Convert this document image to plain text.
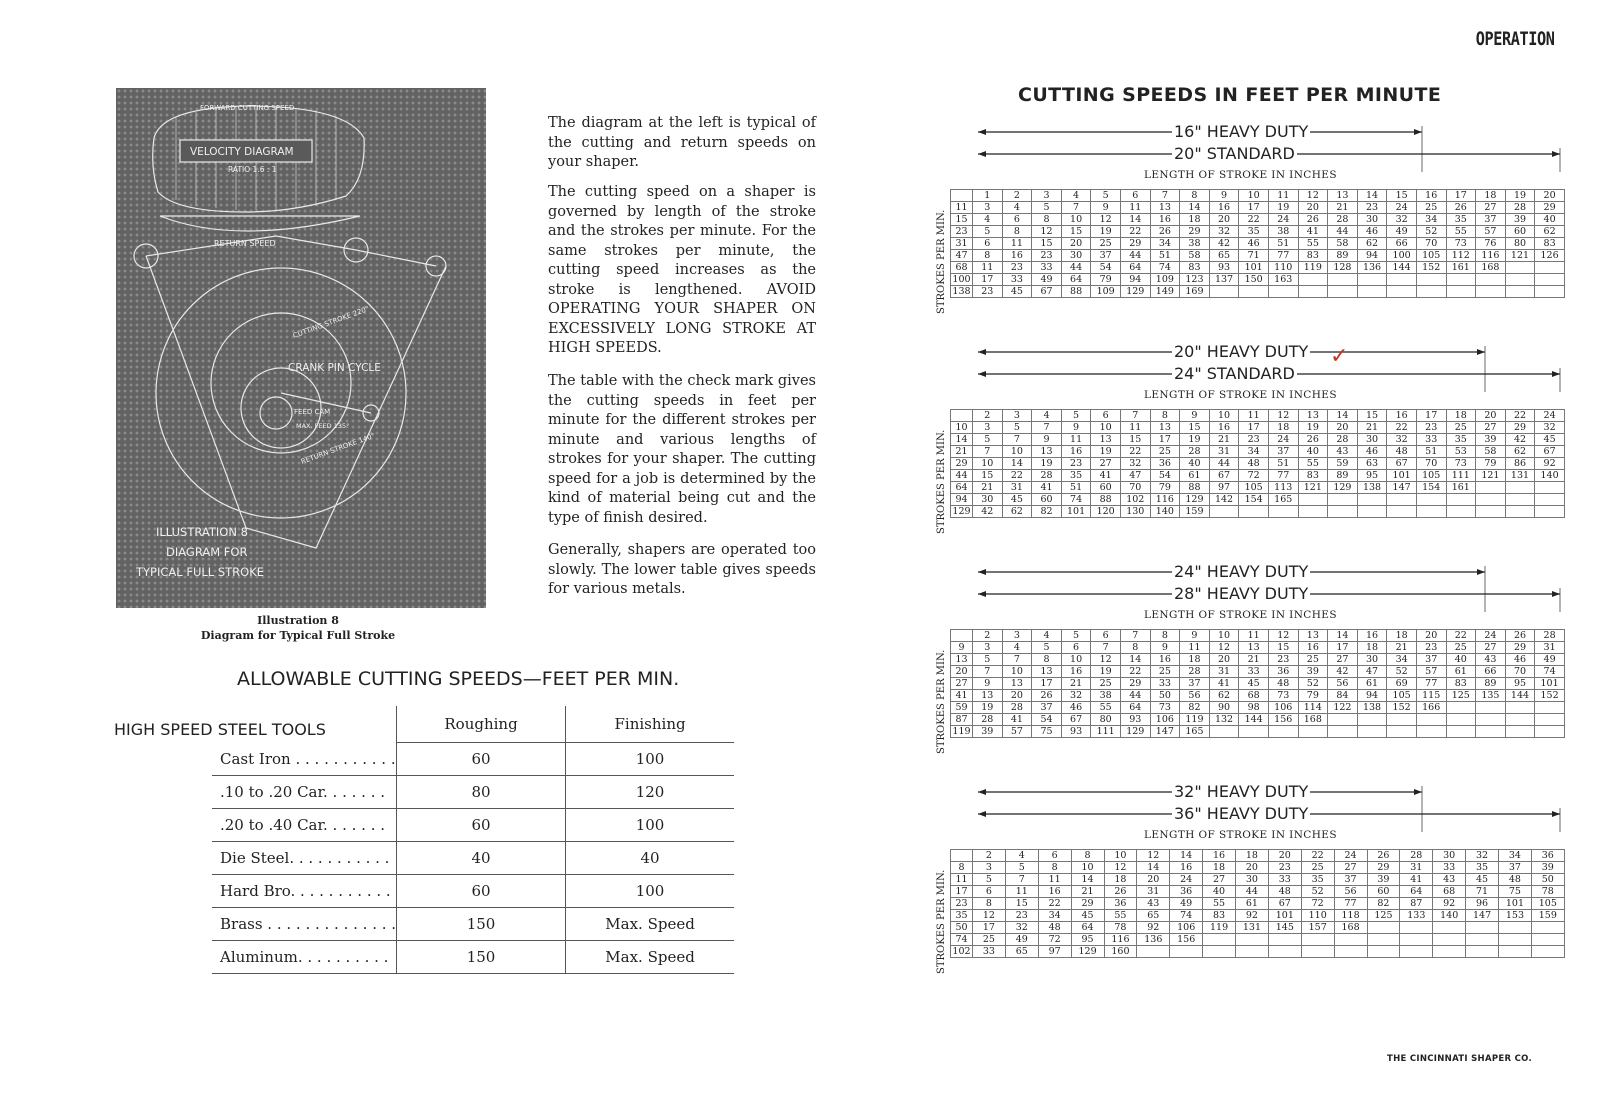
OPERATION
CUTTING SPEEDS IN FEET PER MINUTE
FORWARD CUTTING SPEED
VELOCITY DIAGRAM
RATIO 1.6 : 1
RETURN SPEED
CUTTING STROKE 220°
CRANK PIN CYCLE
FEED CAM
MAX. FEED 135°
RETURN STROKE 140°
ILLUSTRATION 8
DIAGRAM FOR
TYPICAL FULL STROKE
Illustration 8
Diagram for Typical Full Stroke
The diagram at the left is typical of the cutting and return speeds on your shaper.
The cutting speed on a shaper is governed by length of the stroke and the strokes per minute. For the same strokes per minute, the cutting speed increases as the stroke is lengthened. AVOID OPERATING YOUR SHAPER ON EXCESSIVELY LONG STROKE AT HIGH SPEEDS.
The table with the check mark gives the cutting speeds in feet per minute for the different strokes per minute and various lengths of strokes for your shaper. The cutting speed for a job is determined by the kind of material being cut and the type of finish desired.
Generally, shapers are operated too slowly. The lower table gives speeds for various metals.
ALLOWABLE CUTTING SPEEDS—FEET PER MIN.
HIGH SPEED STEEL TOOLS
		Roughing	Finishing
Cast Iron . . . . . . . . . . .	60	100
.10 to .20 Car. . . . . . .	80	120
.20 to .40 Car. . . . . . .	60	100
Die Steel. . . . . . . . . . .	40	40
Hard Bro. . . . . . . . . . .	60	100
Brass . . . . . . . . . . . . . .	150	Max. Speed
Aluminum. . . . . . . . . .	150	Max. Speed
16" HEAVY DUTY
20" STANDARD
LENGTH OF STROKE IN INCHES
STROKES PER MIN.
	1	2	3	4	5	6	7	8	9	10	11	12	13	14	15	16	17	18	19	20
11	3	4	5	7	9	11	13	14	16	17	19	20	21	23	24	25	26	27	28	29
15	4	6	8	10	12	14	16	18	20	22	24	26	28	30	32	34	35	37	39	40
23	5	8	12	15	19	22	26	29	32	35	38	41	44	46	49	52	55	57	60	62
31	6	11	15	20	25	29	34	38	42	46	51	55	58	62	66	70	73	76	80	83
47	8	16	23	30	37	44	51	58	65	71	77	83	89	94	100	105	112	116	121	126
68	11	23	33	44	54	64	74	83	93	101	110	119	128	136	144	152	161	168		
100	17	33	49	64	79	94	109	123	137	150	163									
138	23	45	67	88	109	129	149	169												
20" HEAVY DUTY
24" STANDARD
✓
LENGTH OF STROKE IN INCHES
STROKES PER MIN.
	2	3	4	5	6	7	8	9	10	11	12	13	14	15	16	17	18	20	22	24
10	3	5	7	9	10	11	13	15	16	17	18	19	20	21	22	23	25	27	29	32
14	5	7	9	11	13	15	17	19	21	23	24	26	28	30	32	33	35	39	42	45
21	7	10	13	16	19	22	25	28	31	34	37	40	43	46	48	51	53	58	62	67
29	10	14	19	23	27	32	36	40	44	48	51	55	59	63	67	70	73	79	86	92
44	15	22	28	35	41	47	54	61	67	72	77	83	89	95	101	105	111	121	131	140
64	21	31	41	51	60	70	79	88	97	105	113	121	129	138	147	154	161			
94	30	45	60	74	88	102	116	129	142	154	165									
129	42	62	82	101	120	130	140	159												
24" HEAVY DUTY
28" HEAVY DUTY
LENGTH OF STROKE IN INCHES
STROKES PER MIN.
	2	3	4	5	6	7	8	9	10	11	12	13	14	16	18	20	22	24	26	28
9	3	4	5	6	7	8	9	11	12	13	15	16	17	18	21	23	25	27	29	31
13	5	7	8	10	12	14	16	18	20	21	23	25	27	30	34	37	40	43	46	49
20	7	10	13	16	19	22	25	28	31	33	36	39	42	47	52	57	61	66	70	74
27	9	13	17	21	25	29	33	37	41	45	48	52	56	61	69	77	83	89	95	101
41	13	20	26	32	38	44	50	56	62	68	73	79	84	94	105	115	125	135	144	152
59	19	28	37	46	55	64	73	82	90	98	106	114	122	138	152	166				
87	28	41	54	67	80	93	106	119	132	144	156	168								
119	39	57	75	93	111	129	147	165												
32" HEAVY DUTY
36" HEAVY DUTY
LENGTH OF STROKE IN INCHES
STROKES PER MIN.
	2	4	6	8	10	12	14	16	18	20	22	24	26	28	30	32	34	36
8	3	5	8	10	12	14	16	18	20	23	25	27	29	31	33	35	37	39
11	5	7	11	14	18	20	24	27	30	33	35	37	39	41	43	45	48	50
17	6	11	16	21	26	31	36	40	44	48	52	56	60	64	68	71	75	78
23	8	15	22	29	36	43	49	55	61	67	72	77	82	87	92	96	101	105
35	12	23	34	45	55	65	74	83	92	101	110	118	125	133	140	147	153	159
50	17	32	48	64	78	92	106	119	131	145	157	168						
74	25	49	72	95	116	136	156											
102	33	65	97	129	160													
THE CINCINNATI SHAPER CO.
